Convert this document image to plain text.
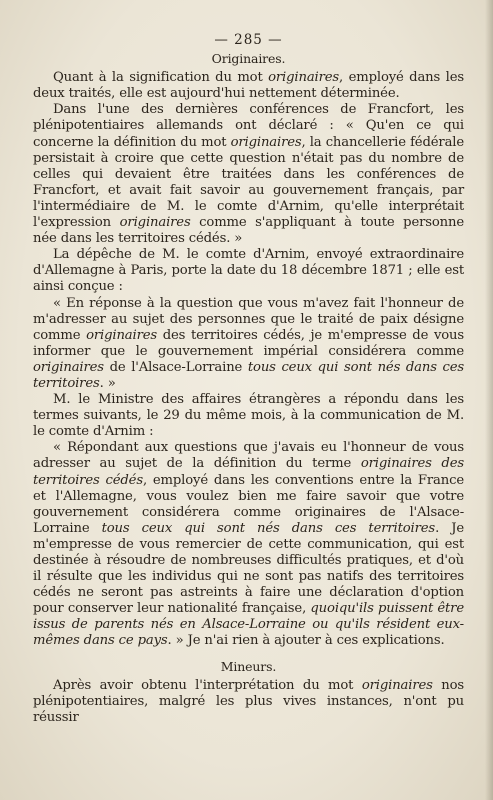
— 285 —
Originaires.

Quant à la signification du mot originaires, employé dans les deux traités, elle est aujourd'hui nettement déterminée.

Dans l'une des dernières conférences de Francfort, les plénipotentiaires allemands ont déclaré : « Qu'en ce qui concerne la définition du mot originaires, la chancellerie fédérale persistait à croire que cette question n'était pas du nombre de celles qui devaient être traitées dans les conférences de Francfort, et avait fait savoir au gouvernement français, par l'intermédiaire de M. le comte d'Arnim, qu'elle interprétait l'expression originaires comme s'appliquant à toute personne née dans les territoires cédés. »

La dépêche de M. le comte d'Arnim, envoyé extraordinaire d'Allemagne à Paris, porte la date du 18 décembre 1871 ; elle est ainsi conçue :

« En réponse à la question que vous m'avez fait l'honneur de m'adresser au sujet des personnes que le traité de paix désigne comme originaires des territoires cédés, je m'empresse de vous informer que le gouvernement impérial considérera comme originaires de l'Alsace-Lorraine tous ceux qui sont nés dans ces territoires. »

M. le Ministre des affaires étrangères a répondu dans les termes suivants, le 29 du même mois, à la communication de M. le comte d'Arnim :

« Répondant aux questions que j'avais eu l'honneur de vous adresser au sujet de la définition du terme originaires des territoires cédés, employé dans les conventions entre la France et l'Allemagne, vous voulez bien me faire savoir que votre gouvernement considérera comme originaires de l'Alsace-Lorraine tous ceux qui sont nés dans ces territoires. Je m'empresse de vous remercier de cette communication, qui est destinée à résoudre de nombreuses difficultés pratiques, et d'où il résulte que les individus qui ne sont pas natifs des territoires cédés ne seront pas astreints à faire une déclaration d'option pour conserver leur nationalité française, quoiqu'ils puissent être issus de parents nés en Alsace-Lorraine ou qu'ils résident eux-mêmes dans ce pays. » Je n'ai rien à ajouter à ces explications.

Mineurs.

Après avoir obtenu l'interprétation du mot originaires nos plénipotentiaires, malgré les plus vives instances, n'ont pu réussir
